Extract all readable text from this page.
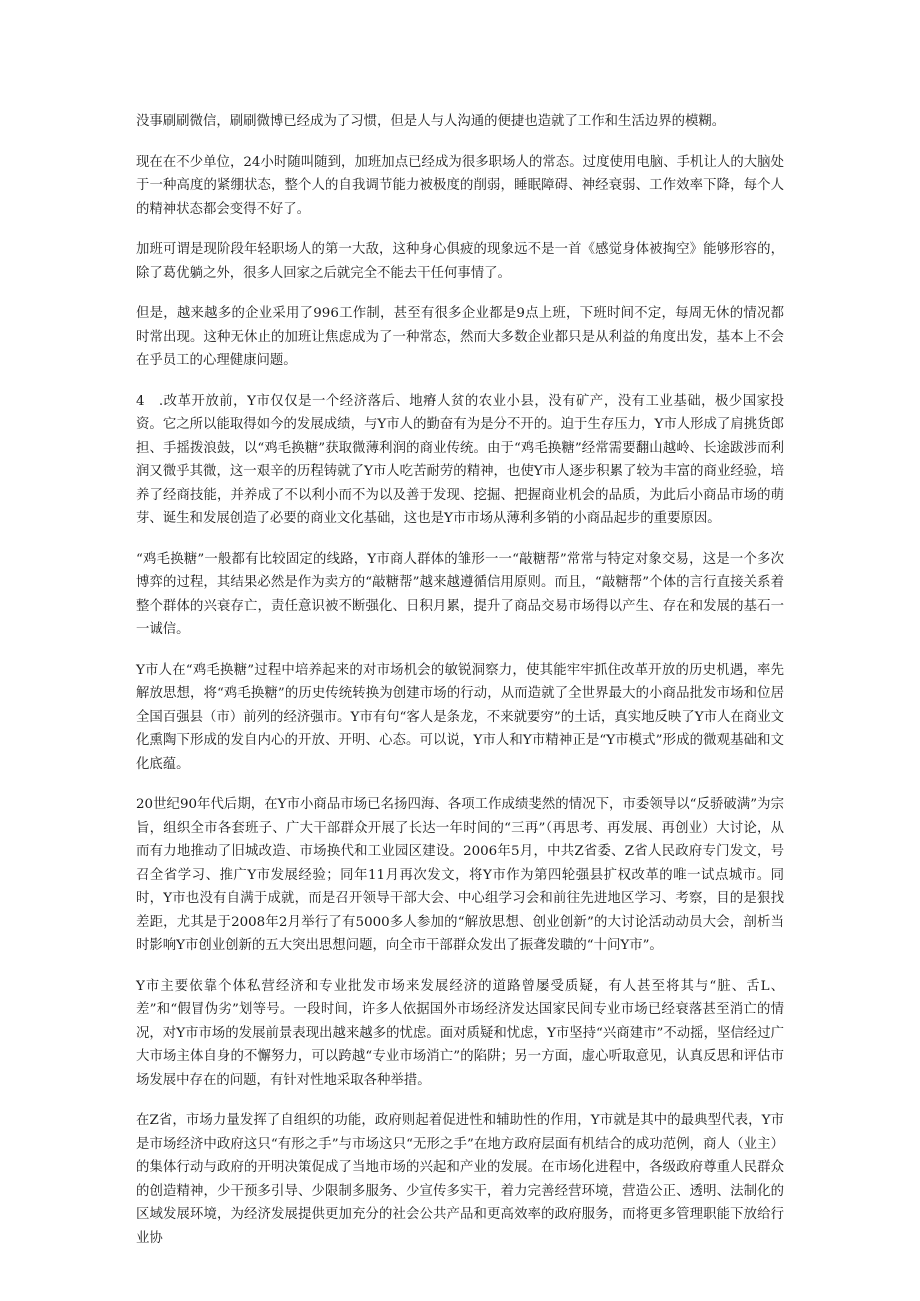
没事刷刷微信，刷刷微博已经成为了习惯，但是人与人沟通的便捷也造就了工作和生活边界的模糊。

现在在不少单位，24小时随叫随到，加班加点已经成为很多职场人的常态。过度使用电脑、手机让人的大脑处于一种高度的紧绷状态，整个人的自我调节能力被极度的削弱，睡眠障碍、神经衰弱、工作效率下降，每个人的精神状态都会变得不好了。

加班可谓是现阶段年轻职场人的第一大敌，这种身心俱疲的现象远不是一首《感觉身体被掏空》能够形容的，除了葛优躺之外，很多人回家之后就完全不能去干任何事情了。

但是，越来越多的企业采用了996工作制，甚至有很多企业都是9点上班，下班时间不定，每周无休的情况都时常出现。这种无休止的加班让焦虑成为了一种常态，然而大多数企业都只是从利益的角度出发，基本上不会在乎员工的心理健康问题。

4　.改革开放前，Y市仅仅是一个经济落后、地瘠人贫的农业小县，没有矿产，没有工业基础，极少国家投资。它之所以能取得如今的发展成绩，与Y市人的勤奋有为是分不开的。迫于生存压力，Y市人形成了肩挑货郎担、手摇拨浪鼓，以“鸡毛换糖”获取微薄利润的商业传统。由于“鸡毛换糖”经常需要翻山越岭、长途跋涉而利润又微乎其微，这一艰辛的历程铸就了Y市人吃苦耐劳的精神，也使Y市人逐步积累了较为丰富的商业经验，培养了经商技能，并养成了不以利小而不为以及善于发现、挖掘、把握商业机会的品质，为此后小商品市场的萌芽、诞生和发展创造了必要的商业文化基础，这也是Y市市场从薄利多销的小商品起步的重要原因。

“鸡毛换糖”一般都有比较固定的线路，Y市商人群体的雏形一一“敲糖帮”常常与特定对象交易，这是一个多次博弈的过程，其结果必然是作为卖方的“敲糖帮”越来越遵循信用原则。而且，“敲糖帮”个体的言行直接关系着整个群体的兴衰存亡，责任意识被不断强化、日积月累，提升了商品交易市场得以产生、存在和发展的基石一一诚信。

Y市人在“鸡毛换糖”过程中培养起来的对市场机会的敏锐洞察力，使其能牢牢抓住改革开放的历史机遇，率先解放思想，将“鸡毛换糖”的历史传统转换为创建市场的行动，从而造就了全世界最大的小商品批发市场和位居全国百强县（市）前列的经济强市。Y市有句“客人是条龙，不来就要穷”的土话，真实地反映了Y市人在商业文化熏陶下形成的发自内心的开放、开明、心态。可以说，Y市人和Y市精神正是“Y市模式”形成的微观基础和文化底蕴。

20世纪90年代后期，在Y市小商品市场已名扬四海、各项工作成绩斐然的情况下，市委领导以“反骄破满”为宗旨，组织全市各套班子、广大干部群众开展了长达一年时间的“三再”（再思考、再发展、再创业）大讨论，从而有力地推动了旧城改造、市场换代和工业园区建设。2006年5月，中共Z省委、Z省人民政府专门发文，号召全省学习、推广Y市发展经验；同年11月再次发文，将Y市作为第四轮强县扩权改革的唯一试点城市。同时，Y市也没有自满于成就，而是召开领导干部大会、中心组学习会和前往先进地区学习、考察，目的是狠找差距，尤其是于2008年2月举行了有5000多人参加的“解放思想、创业创新”的大讨论活动动员大会，剖析当时影响Y市创业创新的五大突出思想问题，向全市干部群众发出了振聋发聩的“十问Y市”。

Y市主要依靠个体私营经济和专业批发市场来发展经济的道路曾屡受质疑，有人甚至将其与“脏、舌L、差”和“假冒伪劣”划等号。一段时间，许多人依据国外市场经济发达国家民间专业市场已经衰落甚至消亡的情况，对Y市市场的发展前景表现出越来越多的忧虑。面对质疑和忧虑，Y市坚持“兴商建市”不动摇，坚信经过广大市场主体自身的不懈努力，可以跨越“专业市场消亡”的陷阱；另一方面，虚心听取意见，认真反思和评估市场发展中存在的问题，有针对性地采取各种举措。

在Z省，市场力量发挥了自组织的功能，政府则起着促进性和辅助性的作用，Y市就是其中的最典型代表，Y市是市场经济中政府这只“有形之手”与市场这只“无形之手”在地方政府层面有机结合的成功范例，商人（业主）的集体行动与政府的开明决策促成了当地市场的兴起和产业的发展。在市场化进程中，各级政府尊重人民群众的创造精神，少干预多引导、少限制多服务、少宣传多实干，着力完善经营环境，营造公正、透明、法制化的区域发展环境，为经济发展提供更加充分的社会公共产品和更高效率的政府服务，而将更多管理职能下放给行业协
